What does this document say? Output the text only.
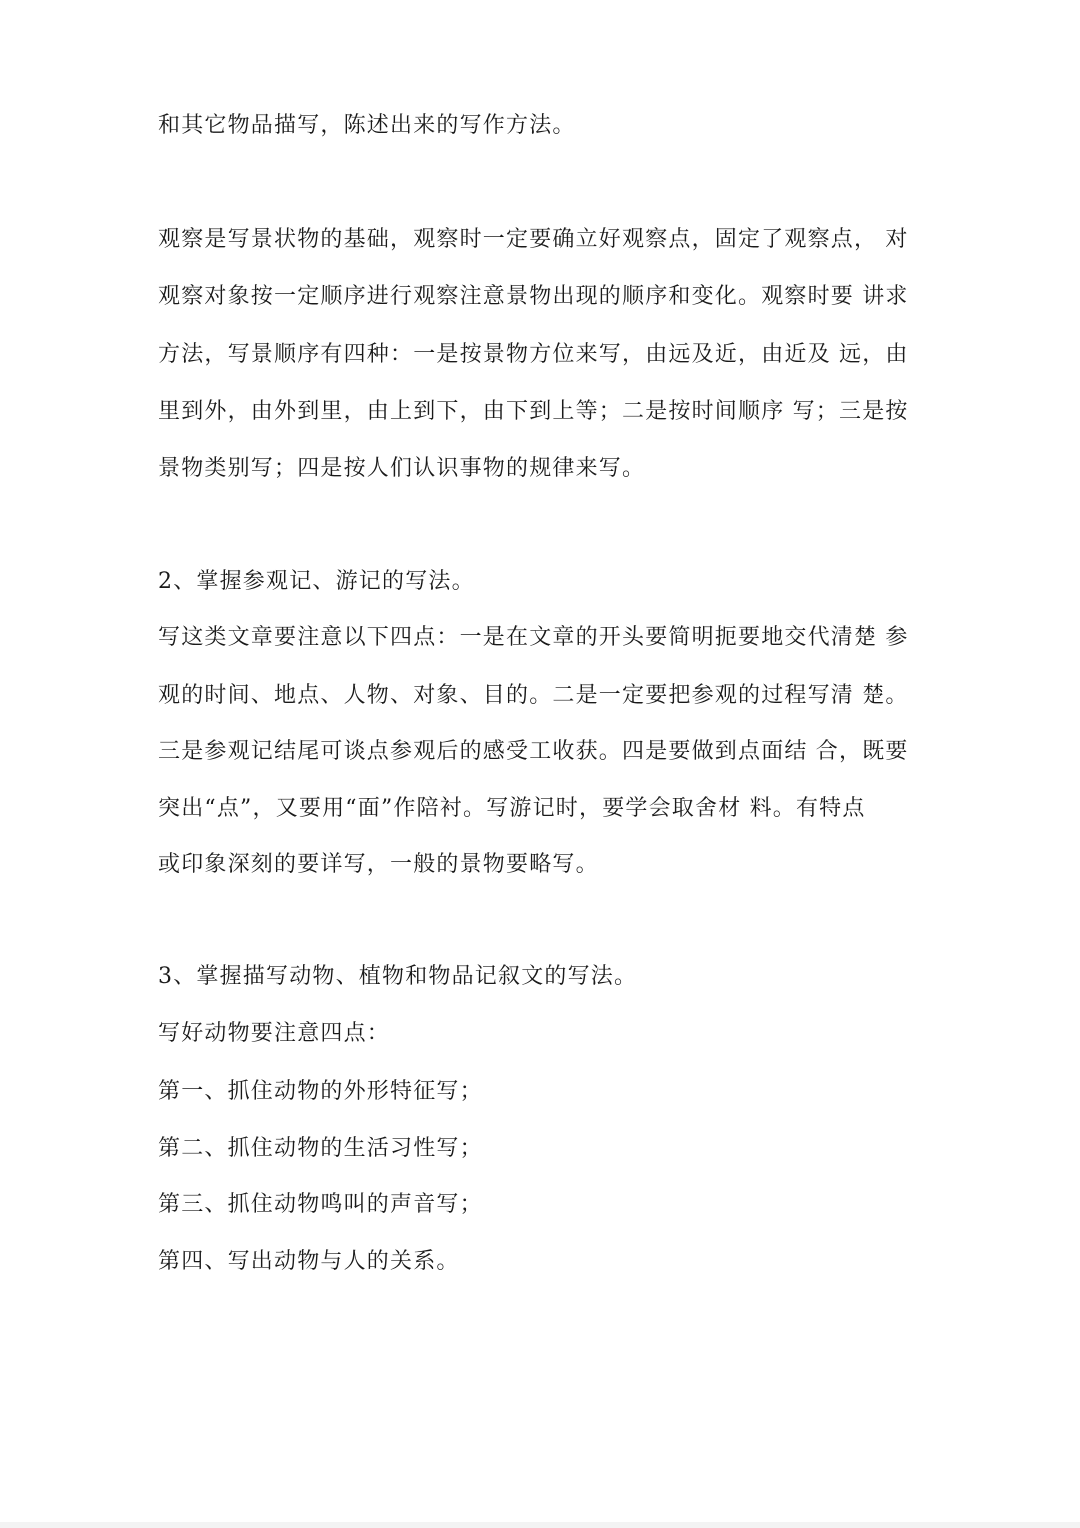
和其它物品描写，陈述出来的写作方法。
观察是写景状物的基础，观察时一定要确立好观察点，固定了观察点， 对
观察对象按一定顺序进行观察注意景物出现的顺序和变化。观察时要 讲求
方法，写景顺序有四种：一是按景物方位来写，由远及近，由近及 远，由
里到外，由外到里，由上到下，由下到上等；二是按时间顺序 写；三是按
景物类别写；四是按人们认识事物的规律来写。
2、掌握参观记、游记的写法。
写这类文章要注意以下四点：一是在文章的开头要简明扼要地交代清楚 参
观的时间、地点、人物、对象、目的。二是一定要把参观的过程写清 楚。
三是参观记结尾可谈点参观后的感受工收获。四是要做到点面结 合，既要
突出“点”，又要用“面”作陪衬。写游记时，要学会取舍材 料。有特点
或印象深刻的要详写，一般的景物要略写。
3、掌握描写动物、植物和物品记叙文的写法。
写好动物要注意四点：
第一、抓住动物的外形特征写；
第二、抓住动物的生活习性写；
第三、抓住动物鸣叫的声音写；
第四、写出动物与人的关系。
